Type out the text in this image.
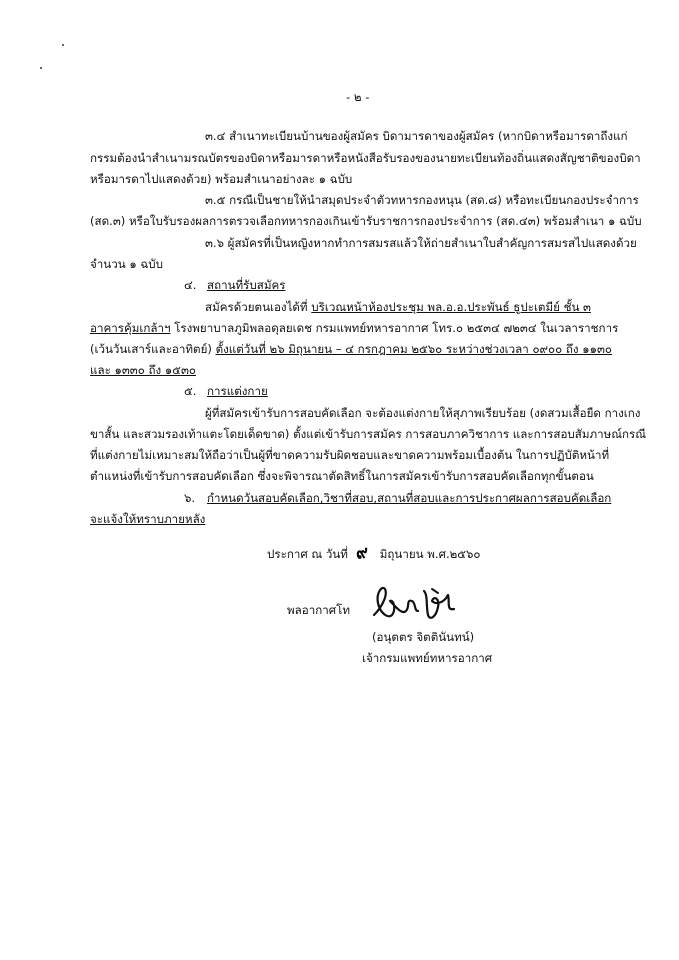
- ๒ -
๓.๔ สำเนาทะเบียนบ้านของผู้สมัคร บิดามารดาของผู้สมัคร (หากบิดาหรือมารดาถึงแก่
กรรมต้องนำสำเนามรณบัตรของบิดาหรือมารดาหรือหนังสือรับรองของนายทะเบียนท้องถิ่นแสดงสัญชาติของบิดา
หรือมารดาไปแสดงด้วย) พร้อมสำเนาอย่างละ ๑ ฉบับ
๓.๕ กรณีเป็นชายให้นำสมุดประจำตัวทหารกองหนุน (สด.๘) หรือทะเบียนกองประจำการ
(สด.๓) หรือใบรับรองผลการตรวจเลือกทหารกองเกินเข้ารับราชการกองประจำการ (สด.๔๓) พร้อมสำเนา ๑ ฉบับ
๓.๖ ผู้สมัครที่เป็นหญิงหากทำการสมรสแล้วให้ถ่ายสำเนาใบสำคัญการสมรสไปแสดงด้วย
จำนวน ๑ ฉบับ
๔. สถานที่รับสมัคร
สมัครด้วยตนเองได้ที่ บริเวณหน้าห้องประชุม พล.อ.อ.ประพันธ์ ธูปะเตมีย์ ชั้น ๓
อาคารคุ้มเกล้าฯ โรงพยาบาลภูมิพลอดุลยเดช กรมแพทย์ทหารอากาศ โทร.๐ ๒๕๓๔ ๗๒๓๔ ในเวลาราชการ
(เว้นวันเสาร์และอาทิตย์) ตั้งแต่วันที่ ๒๖ มิถุนายน – ๔ กรกฎาคม ๒๕๖๐ ระหว่างช่วงเวลา ๐๙๐๐ ถึง ๑๑๓๐
และ ๑๓๓๐ ถึง ๑๕๓๐
๕. การแต่งกาย
ผู้ที่สมัครเข้ารับการสอบคัดเลือก จะต้องแต่งกายให้สุภาพเรียบร้อย (งดสวมเสื้อยืด กางเกง
ขาสั้น และสวมรองเท้าแตะโดยเด็ดขาด) ตั้งแต่เข้ารับการสมัคร การสอบภาควิชาการ และการสอบสัมภาษณ์กรณี
ที่แต่งกายไม่เหมาะสมให้ถือว่าเป็นผู้ที่ขาดความรับผิดชอบและขาดความพร้อมเบื้องต้น ในการปฏิบัติหน้าที่
ตำแหน่งที่เข้ารับการสอบคัดเลือก ซึ่งจะพิจารณาตัดสิทธิ์ในการสมัครเข้ารับการสอบคัดเลือกทุกขั้นตอน
๖. กำหนดวันสอบคัดเลือก,วิชาที่สอบ,สถานที่สอบและการประกาศผลการสอบคัดเลือก
จะแจ้งให้ทราบภายหลัง
ประกาศ ณ วันที่ ๙ มิถุนายน พ.ศ.๒๕๖๐
พลอากาศโท
(อนุตตร จิตตินันทน์)
เจ้ากรมแพทย์ทหารอากาศ
